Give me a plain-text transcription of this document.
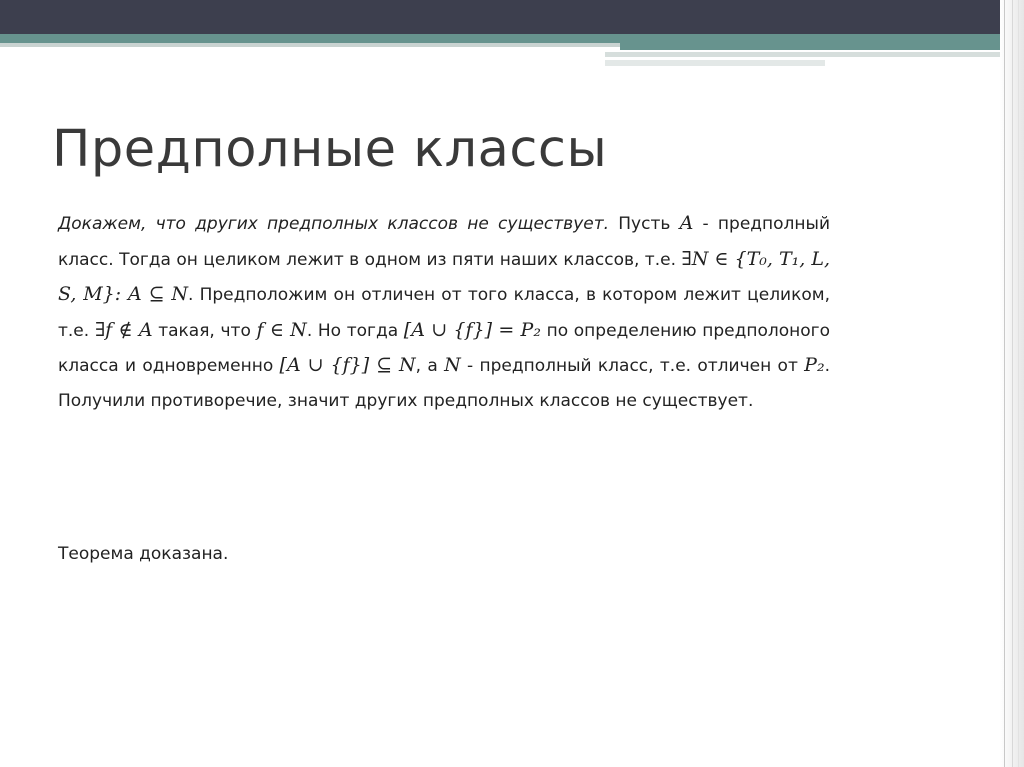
Предполные классы

Докажем, что других предполных классов не существует. Пусть A - предполный класс. Тогда он целиком лежит в одном из пяти наших классов, т.е. ∃N ∈ {T₀, T₁, L, S, M}: A ⊆ N. Предположим он отличен от того класса, в котором лежит целиком, т.е. ∃f ∉ A такая, что f ∈ N. Но тогда [A ∪ {f}] = P₂ по определению предполоного класса и одновременно [A ∪ {f}] ⊆ N, а N - предполный класс, т.е. отличен от P₂. Получили противоречие, значит других предполных классов не существует.

Теорема доказана.
